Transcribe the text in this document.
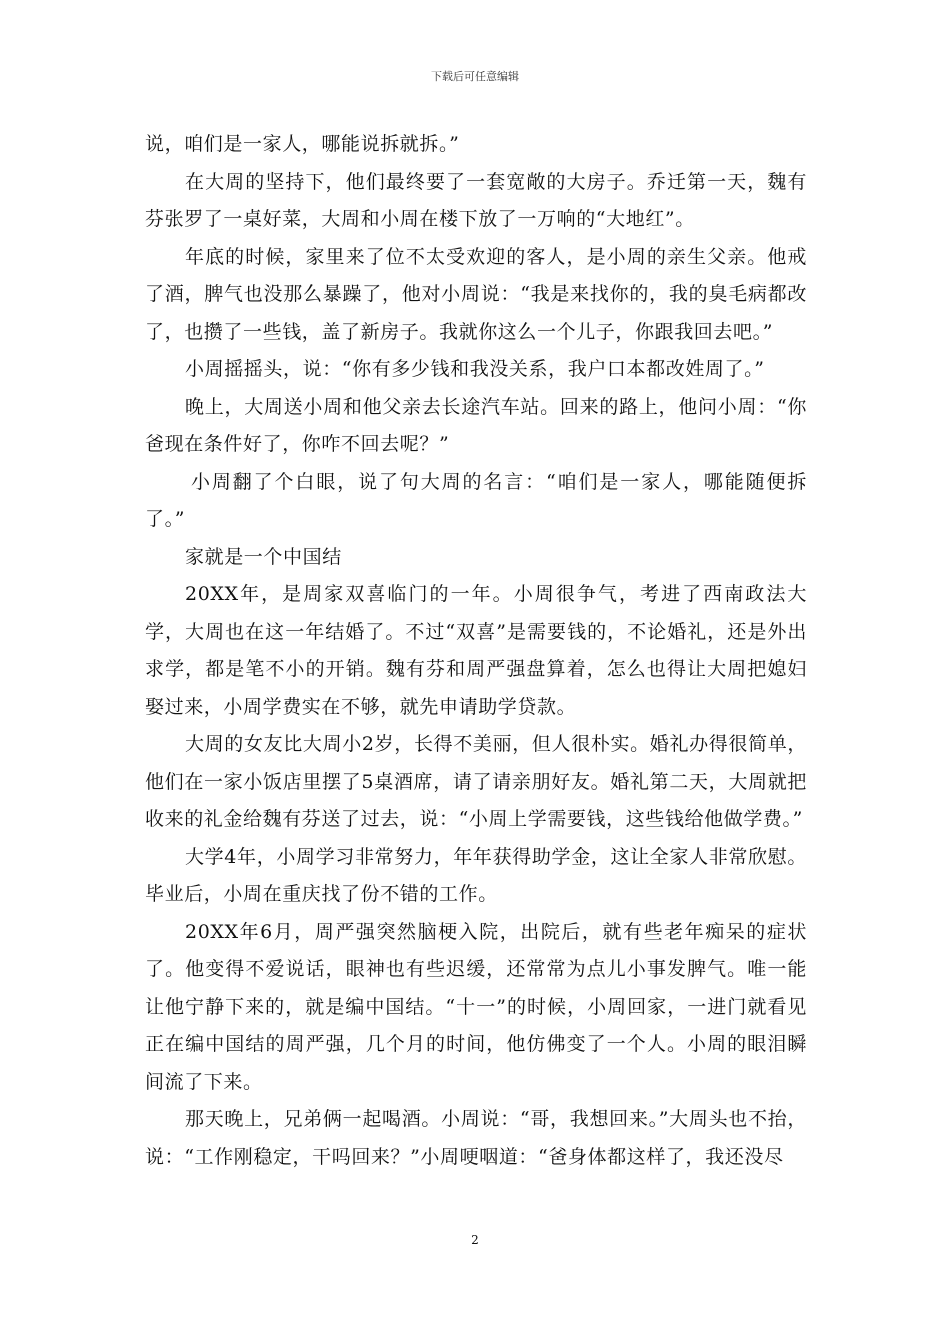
下载后可任意编辑

说，咱们是一家人，哪能说拆就拆。”

在大周的坚持下，他们最终要了一套宽敞的大房子。乔迁第一天，魏有芬张罗了一桌好菜，大周和小周在楼下放了一万响的“大地红”。

年底的时候，家里来了位不太受欢迎的客人，是小周的亲生父亲。他戒了酒，脾气也没那么暴躁了，他对小周说：“我是来找你的，我的臭毛病都改了，也攒了一些钱，盖了新房子。我就你这么一个儿子，你跟我回去吧。”

小周摇摇头，说：“你有多少钱和我没关系，我户口本都改姓周了。”

晚上，大周送小周和他父亲去长途汽车站。回来的路上，他问小周：“你爸现在条件好了，你咋不回去呢？”

小周翻了个白眼，说了句大周的名言：“咱们是一家人，哪能随便拆了。”

家就是一个中国结

20XX年，是周家双喜临门的一年。小周很争气，考进了西南政法大学，大周也在这一年结婚了。不过“双喜”是需要钱的，不论婚礼，还是外出求学，都是笔不小的开销。魏有芬和周严强盘算着，怎么也得让大周把媳妇娶过来，小周学费实在不够，就先申请助学贷款。

大周的女友比大周小2岁，长得不美丽，但人很朴实。婚礼办得很简单，他们在一家小饭店里摆了5桌酒席，请了请亲朋好友。婚礼第二天，大周就把收来的礼金给魏有芬送了过去，说：“小周上学需要钱，这些钱给他做学费。”

大学4年，小周学习非常努力，年年获得助学金，这让全家人非常欣慰。毕业后，小周在重庆找了份不错的工作。

20XX年6月，周严强突然脑梗入院，出院后，就有些老年痴呆的症状了。他变得不爱说话，眼神也有些迟缓，还常常为点儿小事发脾气。唯一能让他宁静下来的，就是编中国结。“十一”的时候，小周回家，一进门就看见正在编中国结的周严强，几个月的时间，他仿佛变了一个人。小周的眼泪瞬间流了下来。

那天晚上，兄弟俩一起喝酒。小周说：“哥，我想回来。”大周头也不抬，说：“工作刚稳定，干吗回来？”小周哽咽道：“爸身体都这样了，我还没尽

2
